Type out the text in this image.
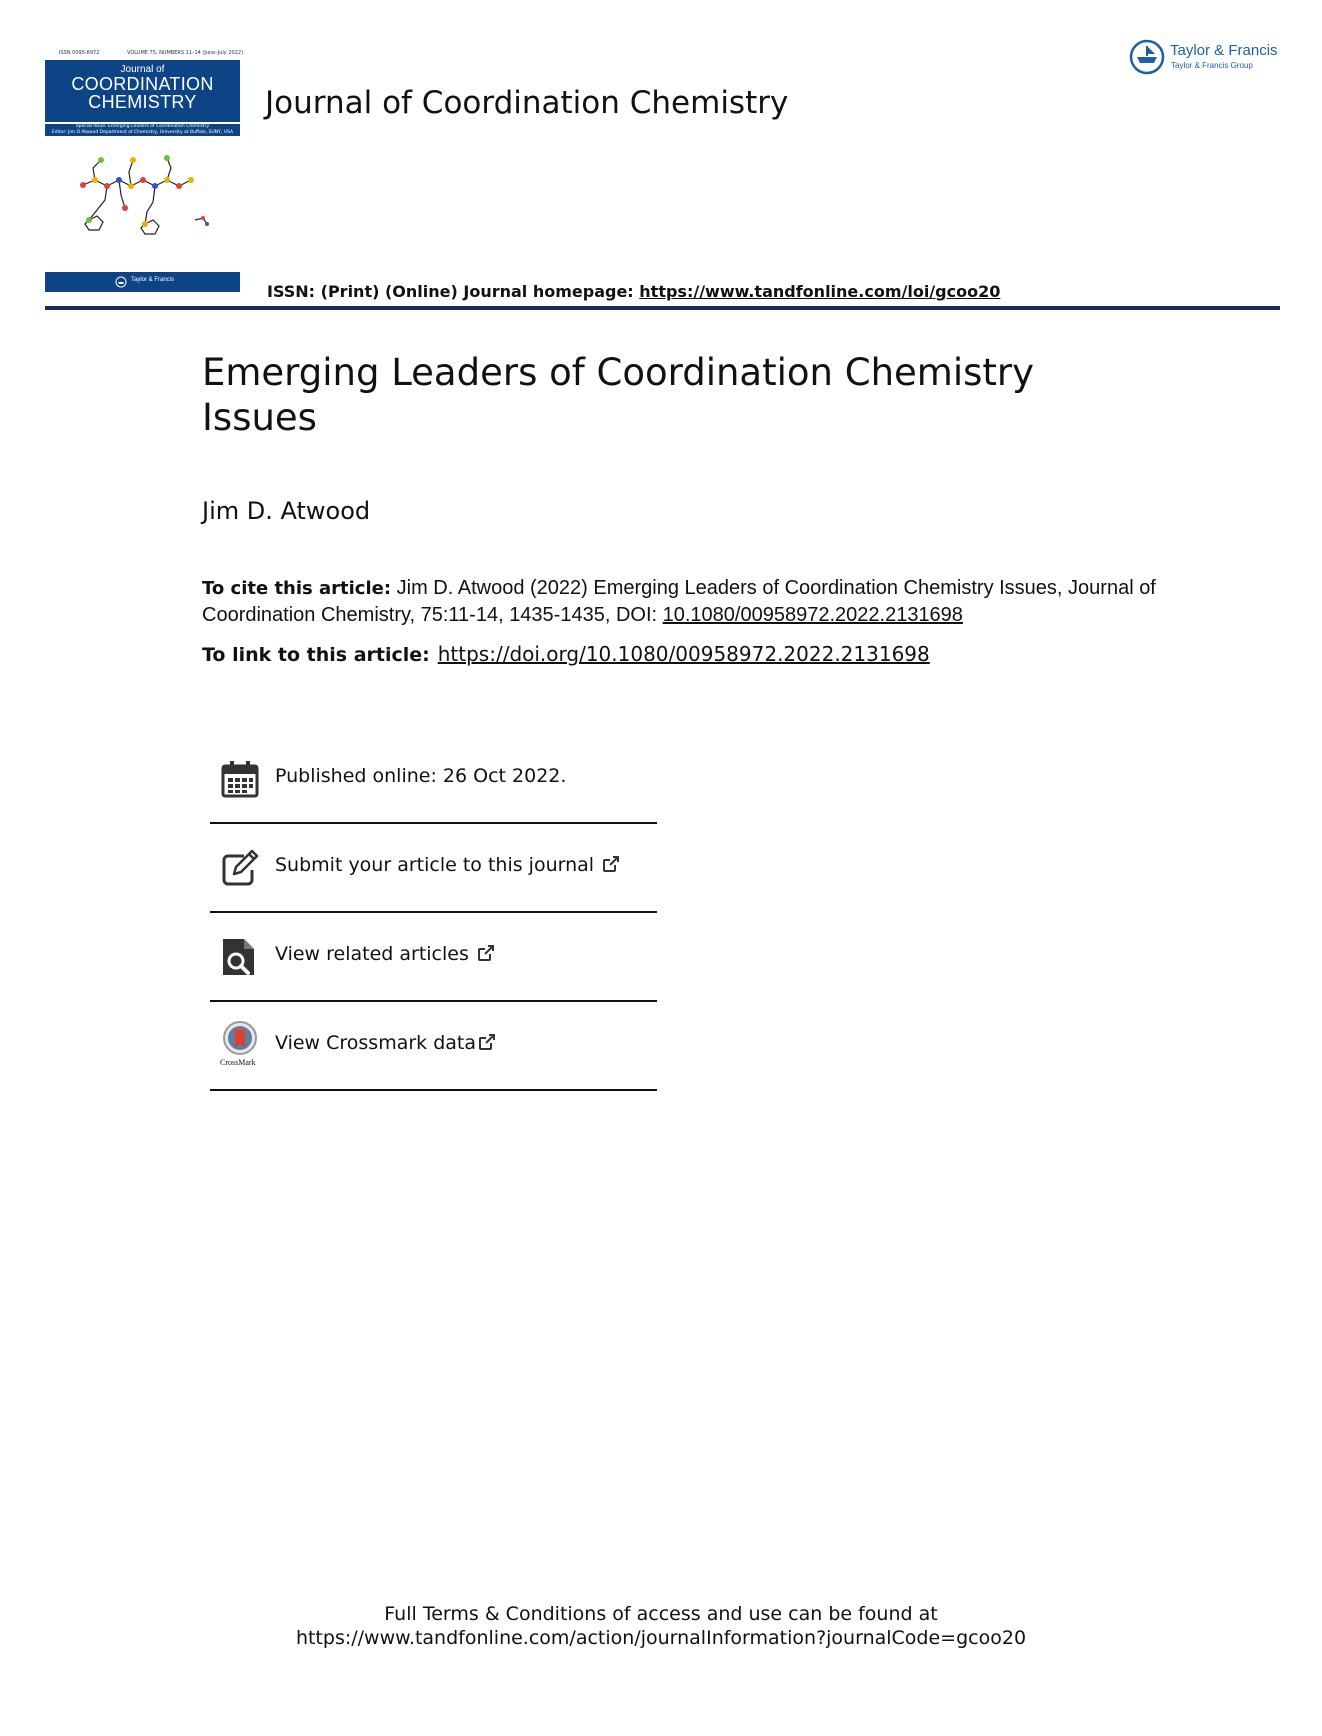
ISSN 0095-8972	VOLUME 75, NUMBERS 11–14 (June–July 2022)
Journal of
COORDINATION
CHEMISTRY
Special Issue: Emerging Leaders of Coordination Chemistry
Editor: Jim D Atwood Department of Chemistry, University at Buffalo, SUNY, USA
Taylor & Francis
Journal of Coordination Chemistry
ISSN: (Print) (Online) Journal homepage: https://www.tandfonline.com/loi/gcoo20
Taylor & Francis
Taylor & Francis Group
Emerging Leaders of Coordination Chemistry Issues
Jim D. Atwood
To cite this article: Jim D. Atwood (2022) Emerging Leaders of Coordination Chemistry Issues, Journal of Coordination Chemistry, 75:11-14, 1435-1435, DOI: 10.1080/00958972.2022.2131698
To link to this article: https://doi.org/10.1080/00958972.2022.2131698
Published online: 26 Oct 2022.
Submit your article to this journal
View related articles
CrossMark
View Crossmark data
Full Terms & Conditions of access and use can be found at
https://www.tandfonline.com/action/journalInformation?journalCode=gcoo20
